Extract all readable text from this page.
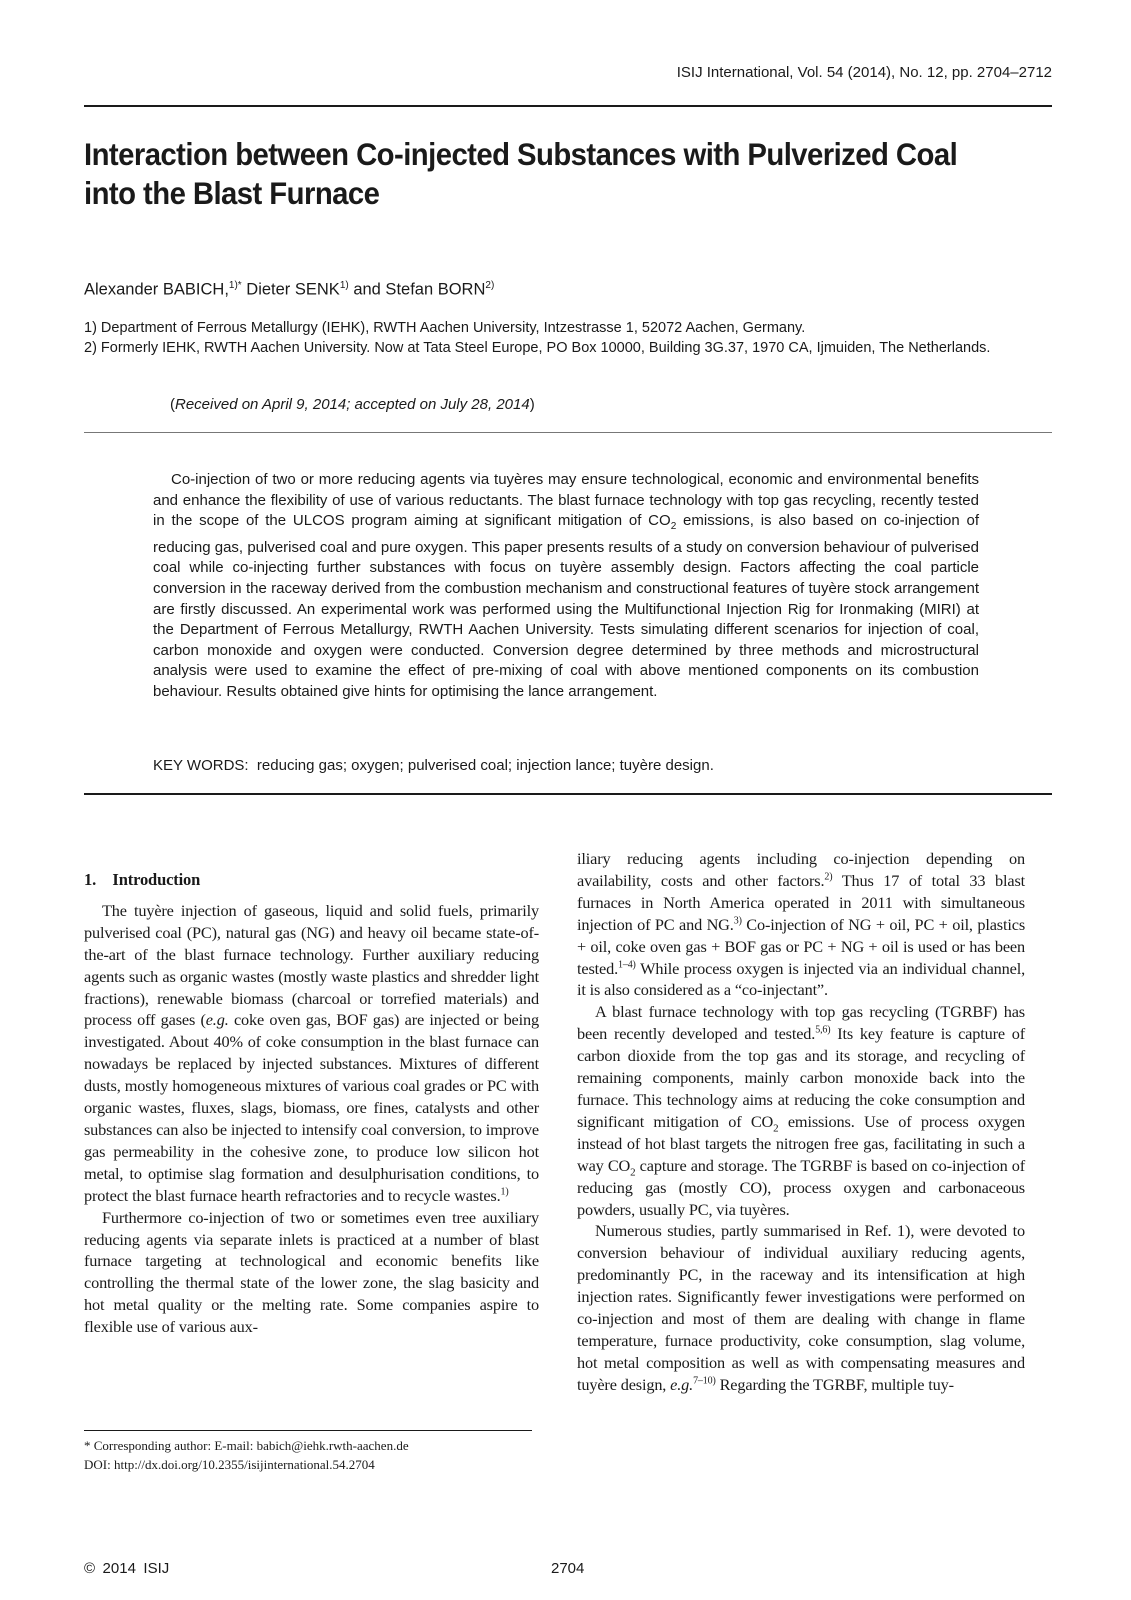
ISIJ International, Vol. 54 (2014), No. 12, pp. 2704–2712
Interaction between Co-injected Substances with Pulverized Coal
into the Blast Furnace
Alexander BABICH,$^{1)*}$ Dieter SENK$^{1)}$ and Stefan BORN$^{2)}$
1) Department of Ferrous Metallurgy (IEHK), RWTH Aachen University, Intzestrasse 1, 52072 Aachen, Germany.
2) Formerly IEHK, RWTH Aachen University. Now at Tata Steel Europe, PO Box 10000, Building 3G.37, 1970 CA, Ijmuiden, The Netherlands.
(Received on April 9, 2014; accepted on July 28, 2014)

Co-injection of two or more reducing agents via tuyères may ensure technological, economic and environmental benefits and enhance the flexibility of use of various reductants. The blast furnace technology with top gas recycling, recently tested in the scope of the ULCOS program aiming at significant mitigation of $CO_2$ emissions, is also based on co-injection of reducing gas, pulverised coal and pure oxygen. This paper presents results of a study on conversion behaviour of pulverised coal while co-injecting further substances with focus on tuyère assembly design. Factors affecting the coal particle conversion in the raceway derived from the combustion mechanism and constructional features of tuyère stock arrangement are firstly discussed. An experimental work was performed using the Multifunctional Injection Rig for Ironmaking (MIRI) at the Department of Ferrous Metallurgy, RWTH Aachen University. Tests simulating different scenarios for injection of coal, carbon monoxide and oxygen were conducted. Conversion degree determined by three methods and microstructural analysis were used to examine the effect of pre-mixing of coal with above mentioned components on its combustion behaviour. Results obtained give hints for optimising the lance arrangement.

KEY WORDS: reducing gas; oxygen; pulverised coal; injection lance; tuyère design.
1. Introduction

The tuyère injection of gaseous, liquid and solid fuels, primarily pulverised coal (PC), natural gas (NG) and heavy oil became state-of-the-art of the blast furnace technology. Further auxiliary reducing agents such as organic wastes (mostly waste plastics and shredder light fractions), renewable biomass (charcoal or torrefied materials) and process off gases (e.g. coke oven gas, BOF gas) are injected or being investigated. About 40% of coke consumption in the blast furnace can nowadays be replaced by injected substances. Mixtures of different dusts, mostly homogeneous mixtures of various coal grades or PC with organic wastes, fluxes, slags, biomass, ore fines, catalysts and other substances can also be injected to intensify coal conversion, to improve gas permeability in the cohesive zone, to produce low silicon hot metal, to optimise slag formation and desulphurisation conditions, to protect the blast furnace hearth refractories and to recycle wastes.$^{1)}$

Furthermore co-injection of two or sometimes even tree auxiliary reducing agents via separate inlets is practiced at a number of blast furnace targeting at technological and economic benefits like controlling the thermal state of the lower zone, the slag basicity and hot metal quality or the melting rate. Some companies aspire to flexible use of various aux-

iliary reducing agents including co-injection depending on availability, costs and other factors.$^{2)}$ Thus 17 of total 33 blast furnaces in North America operated in 2011 with simultaneous injection of PC and NG.$^{3)}$ Co-injection of NG + oil, PC + oil, plastics + oil, coke oven gas + BOF gas or PC + NG + oil is used or has been tested.$^{1-4)}$ While process oxygen is injected via an individual channel, it is also considered as a “co-injectant”.

A blast furnace technology with top gas recycling (TGRBF) has been recently developed and tested.$^{5,6)}$ Its key feature is capture of carbon dioxide from the top gas and its storage, and recycling of remaining components, mainly carbon monoxide back into the furnace. This technology aims at reducing the coke consumption and significant mitigation of $CO_2$ emissions. Use of process oxygen instead of hot blast targets the nitrogen free gas, facilitating in such a way $CO_2$ capture and storage. The TGRBF is based on co-injection of reducing gas (mostly CO), process oxygen and carbonaceous powders, usually PC, via tuyères.

Numerous studies, partly summarised in Ref. 1), were devoted to conversion behaviour of individual auxiliary reducing agents, predominantly PC, in the raceway and its intensification at high injection rates. Significantly fewer investigations were performed on co-injection and most of them are dealing with change in flame temperature, furnace productivity, coke consumption, slag volume, hot metal composition as well as with compensating measures and tuyère design, e.g.$^{7-10)}$ Regarding the TGRBF, multiple tuy-

* Corresponding author: E-mail: babich@iehk.rwth-aachen.de
DOI: http://dx.doi.org/10.2355/isijinternational.54.2704
© 2014 ISIJ	2704
